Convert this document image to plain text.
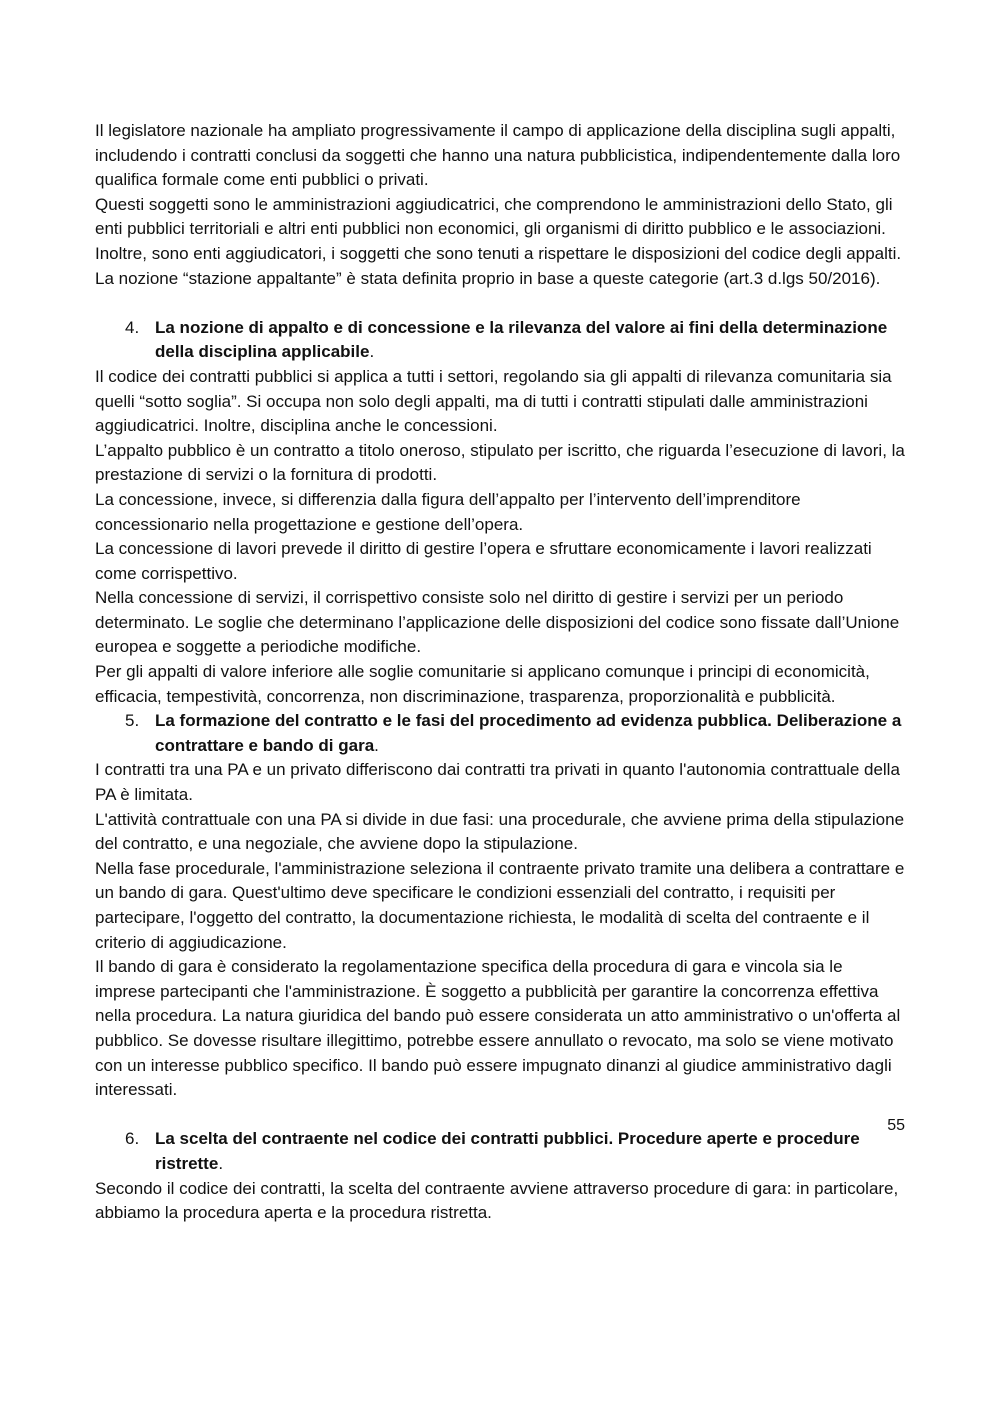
Il legislatore nazionale ha ampliato progressivamente il campo di applicazione della disciplina sugli appalti, includendo i contratti conclusi da soggetti che hanno una natura pubblicistica, indipendentemente dalla loro qualifica formale come enti pubblici o privati.

Questi soggetti sono le amministrazioni aggiudicatrici, che comprendono le amministrazioni dello Stato, gli enti pubblici territoriali e altri enti pubblici non economici, gli organismi di diritto pubblico e le associazioni.

Inoltre, sono enti aggiudicatori, i soggetti che sono tenuti a rispettare le disposizioni del codice degli appalti. La nozione “stazione appaltante” è stata definita proprio in base a queste categorie (art.3 d.lgs 50/2016).

4. La nozione di appalto e di concessione e la rilevanza del valore ai fini della determinazione della disciplina applicabile.

Il codice dei contratti pubblici si applica a tutti i settori, regolando sia gli appalti di rilevanza comunitaria sia quelli “sotto soglia”. Si occupa non solo degli appalti, ma di tutti i contratti stipulati dalle amministrazioni aggiudicatrici. Inoltre, disciplina anche le concessioni.

L’appalto pubblico è un contratto a titolo oneroso, stipulato per iscritto, che riguarda l’esecuzione di lavori, la prestazione di servizi o la fornitura di prodotti.

La concessione, invece, si differenzia dalla figura dell’appalto per l’intervento dell’imprenditore concessionario nella progettazione e gestione dell’opera.

La concessione di lavori prevede il diritto di gestire l’opera e sfruttare economicamente i lavori realizzati come corrispettivo.

Nella concessione di servizi, il corrispettivo consiste solo nel diritto di gestire i servizi per un periodo determinato. Le soglie che determinano l’applicazione delle disposizioni del codice sono fissate dall’Unione europea e soggette a periodiche modifiche.

Per gli appalti di valore inferiore alle soglie comunitarie si applicano comunque i principi di economicità, efficacia, tempestività, concorrenza, non discriminazione, trasparenza, proporzionalità e pubblicità.

5. La formazione del contratto e le fasi del procedimento ad evidenza pubblica. Deliberazione a contrattare e bando di gara.

I contratti tra una PA e un privato differiscono dai contratti tra privati in quanto l'autonomia contrattuale della PA è limitata.

L'attività contrattuale con una PA si divide in due fasi: una procedurale, che avviene prima della stipulazione del contratto, e una negoziale, che avviene dopo la stipulazione.

Nella fase procedurale, l'amministrazione seleziona il contraente privato tramite una delibera a contrattare e un bando di gara. Quest'ultimo deve specificare le condizioni essenziali del contratto, i requisiti per partecipare, l'oggetto del contratto, la documentazione richiesta, le modalità di scelta del contraente e il criterio di aggiudicazione.

Il bando di gara è considerato la regolamentazione specifica della procedura di gara e vincola sia le imprese partecipanti che l'amministrazione. È soggetto a pubblicità per garantire la concorrenza effettiva nella procedura. La natura giuridica del bando può essere considerata un atto amministrativo o un'offerta al pubblico. Se dovesse risultare illegittimo, potrebbe essere annullato o revocato, ma solo se viene motivato con un interesse pubblico specifico. Il bando può essere impugnato dinanzi al giudice amministrativo dagli interessati.

6. La scelta del contraente nel codice dei contratti pubblici. Procedure aperte e procedure ristrette.

Secondo il codice dei contratti, la scelta del contraente avviene attraverso procedure di gara: in particolare, abbiamo la procedura aperta e la procedura ristretta.

55
